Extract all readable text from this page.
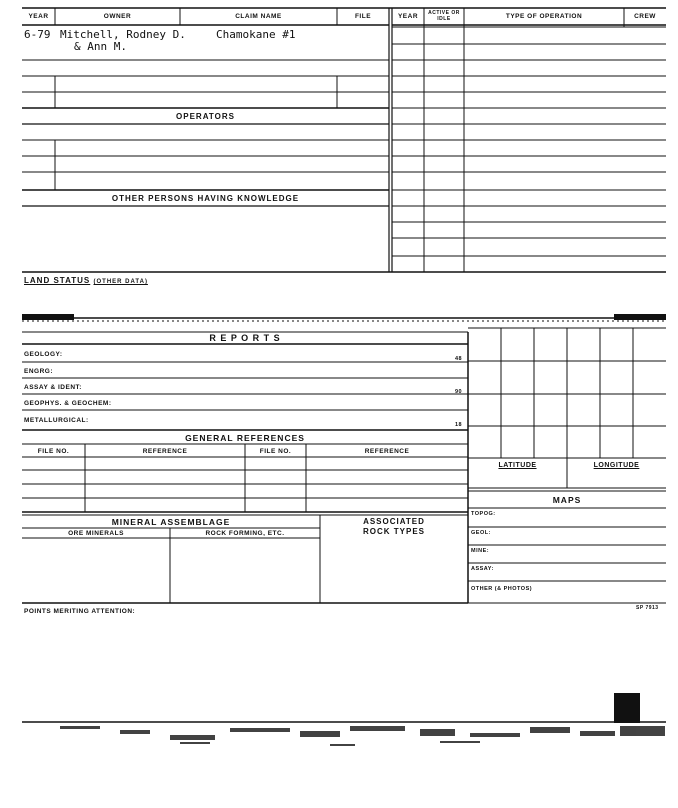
YEAR	OWNER	CLAIM NAME	FILE	YEAR	ACTIVE OR IDLE	TYPE OF OPERATION	CREW
6-79 Mitchell, Rodney D.	Chamokane #1
& Ann M.
OPERATORS
OTHER PERSONS HAVING KNOWLEDGE
LAND STATUS (OTHER DATA)
R E P O R T S
GEOLOGY:
48
ENGRG:
ASSAY & IDENT:
90
GEOPHYS. & GEOCHEM:
METALLURGICAL:
18
GENERAL REFERENCES
FILE NO.	REFERENCE	FILE NO.	REFERENCE
LATITUDE	LONGITUDE
MAPS
TOPOG:
GEOL:
MINE:
ASSAY:
OTHER (& PHOTOS)
MINERAL ASSEMBLAGE
ORE MINERALS	ROCK FORMING, ETC.
ASSOCIATED
ROCK TYPES
POINTS MERITING ATTENTION:	SP 7913
